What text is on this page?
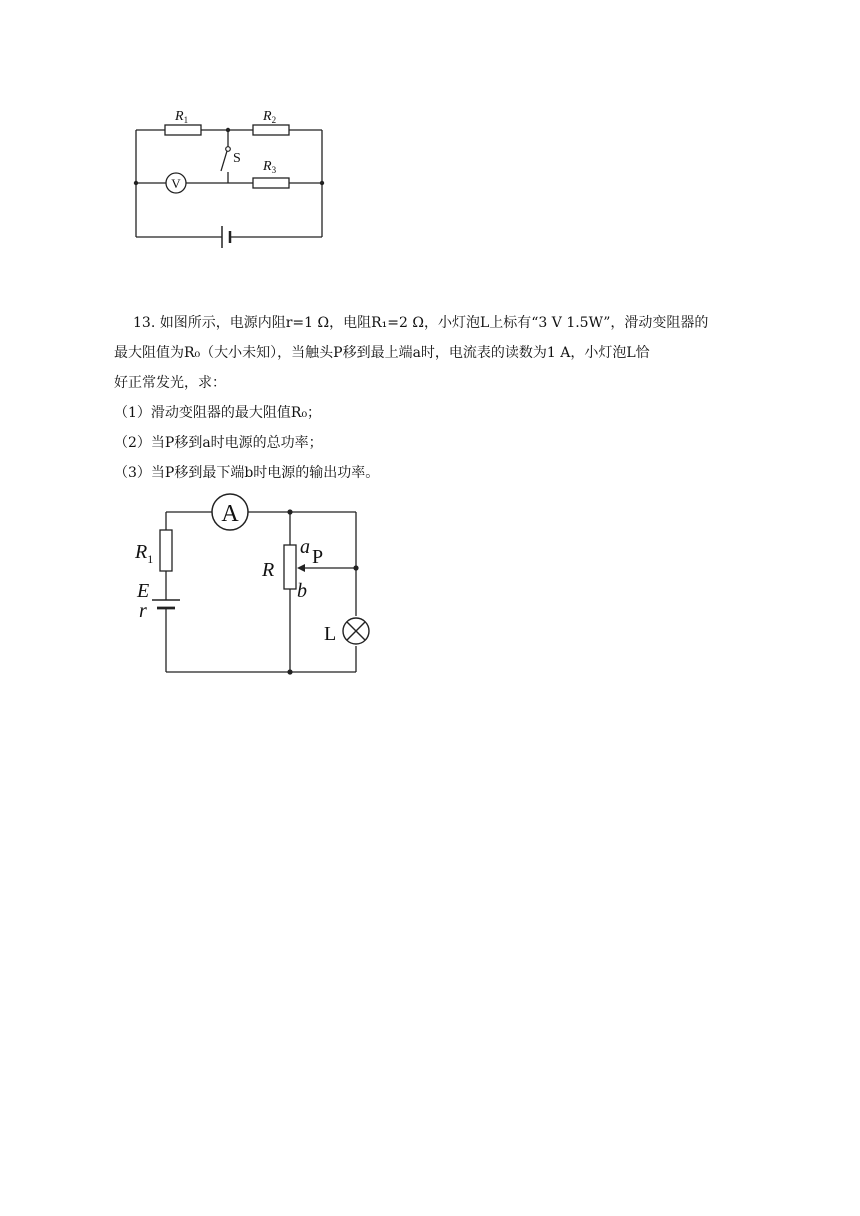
V
$R_1$	$R_2$
$R_3$
S
13. 如图所示，电源内阻r=1 Ω，电阻R₁=2 Ω，小灯泡L上标有“3 V 1.5W”，滑动变阻器的
最大阻值为R₀（大小未知），当触头P移到最上端a时，电流表的读数为1 A，小灯泡L恰
好正常发光，求：
（1）滑动变阻器的最大阻值R₀；
（2）当P移到a时电源的总功率；
（3）当P移到最下端b时电源的输出功率。
A
$R_1$
E
r
R
a P
b
L
